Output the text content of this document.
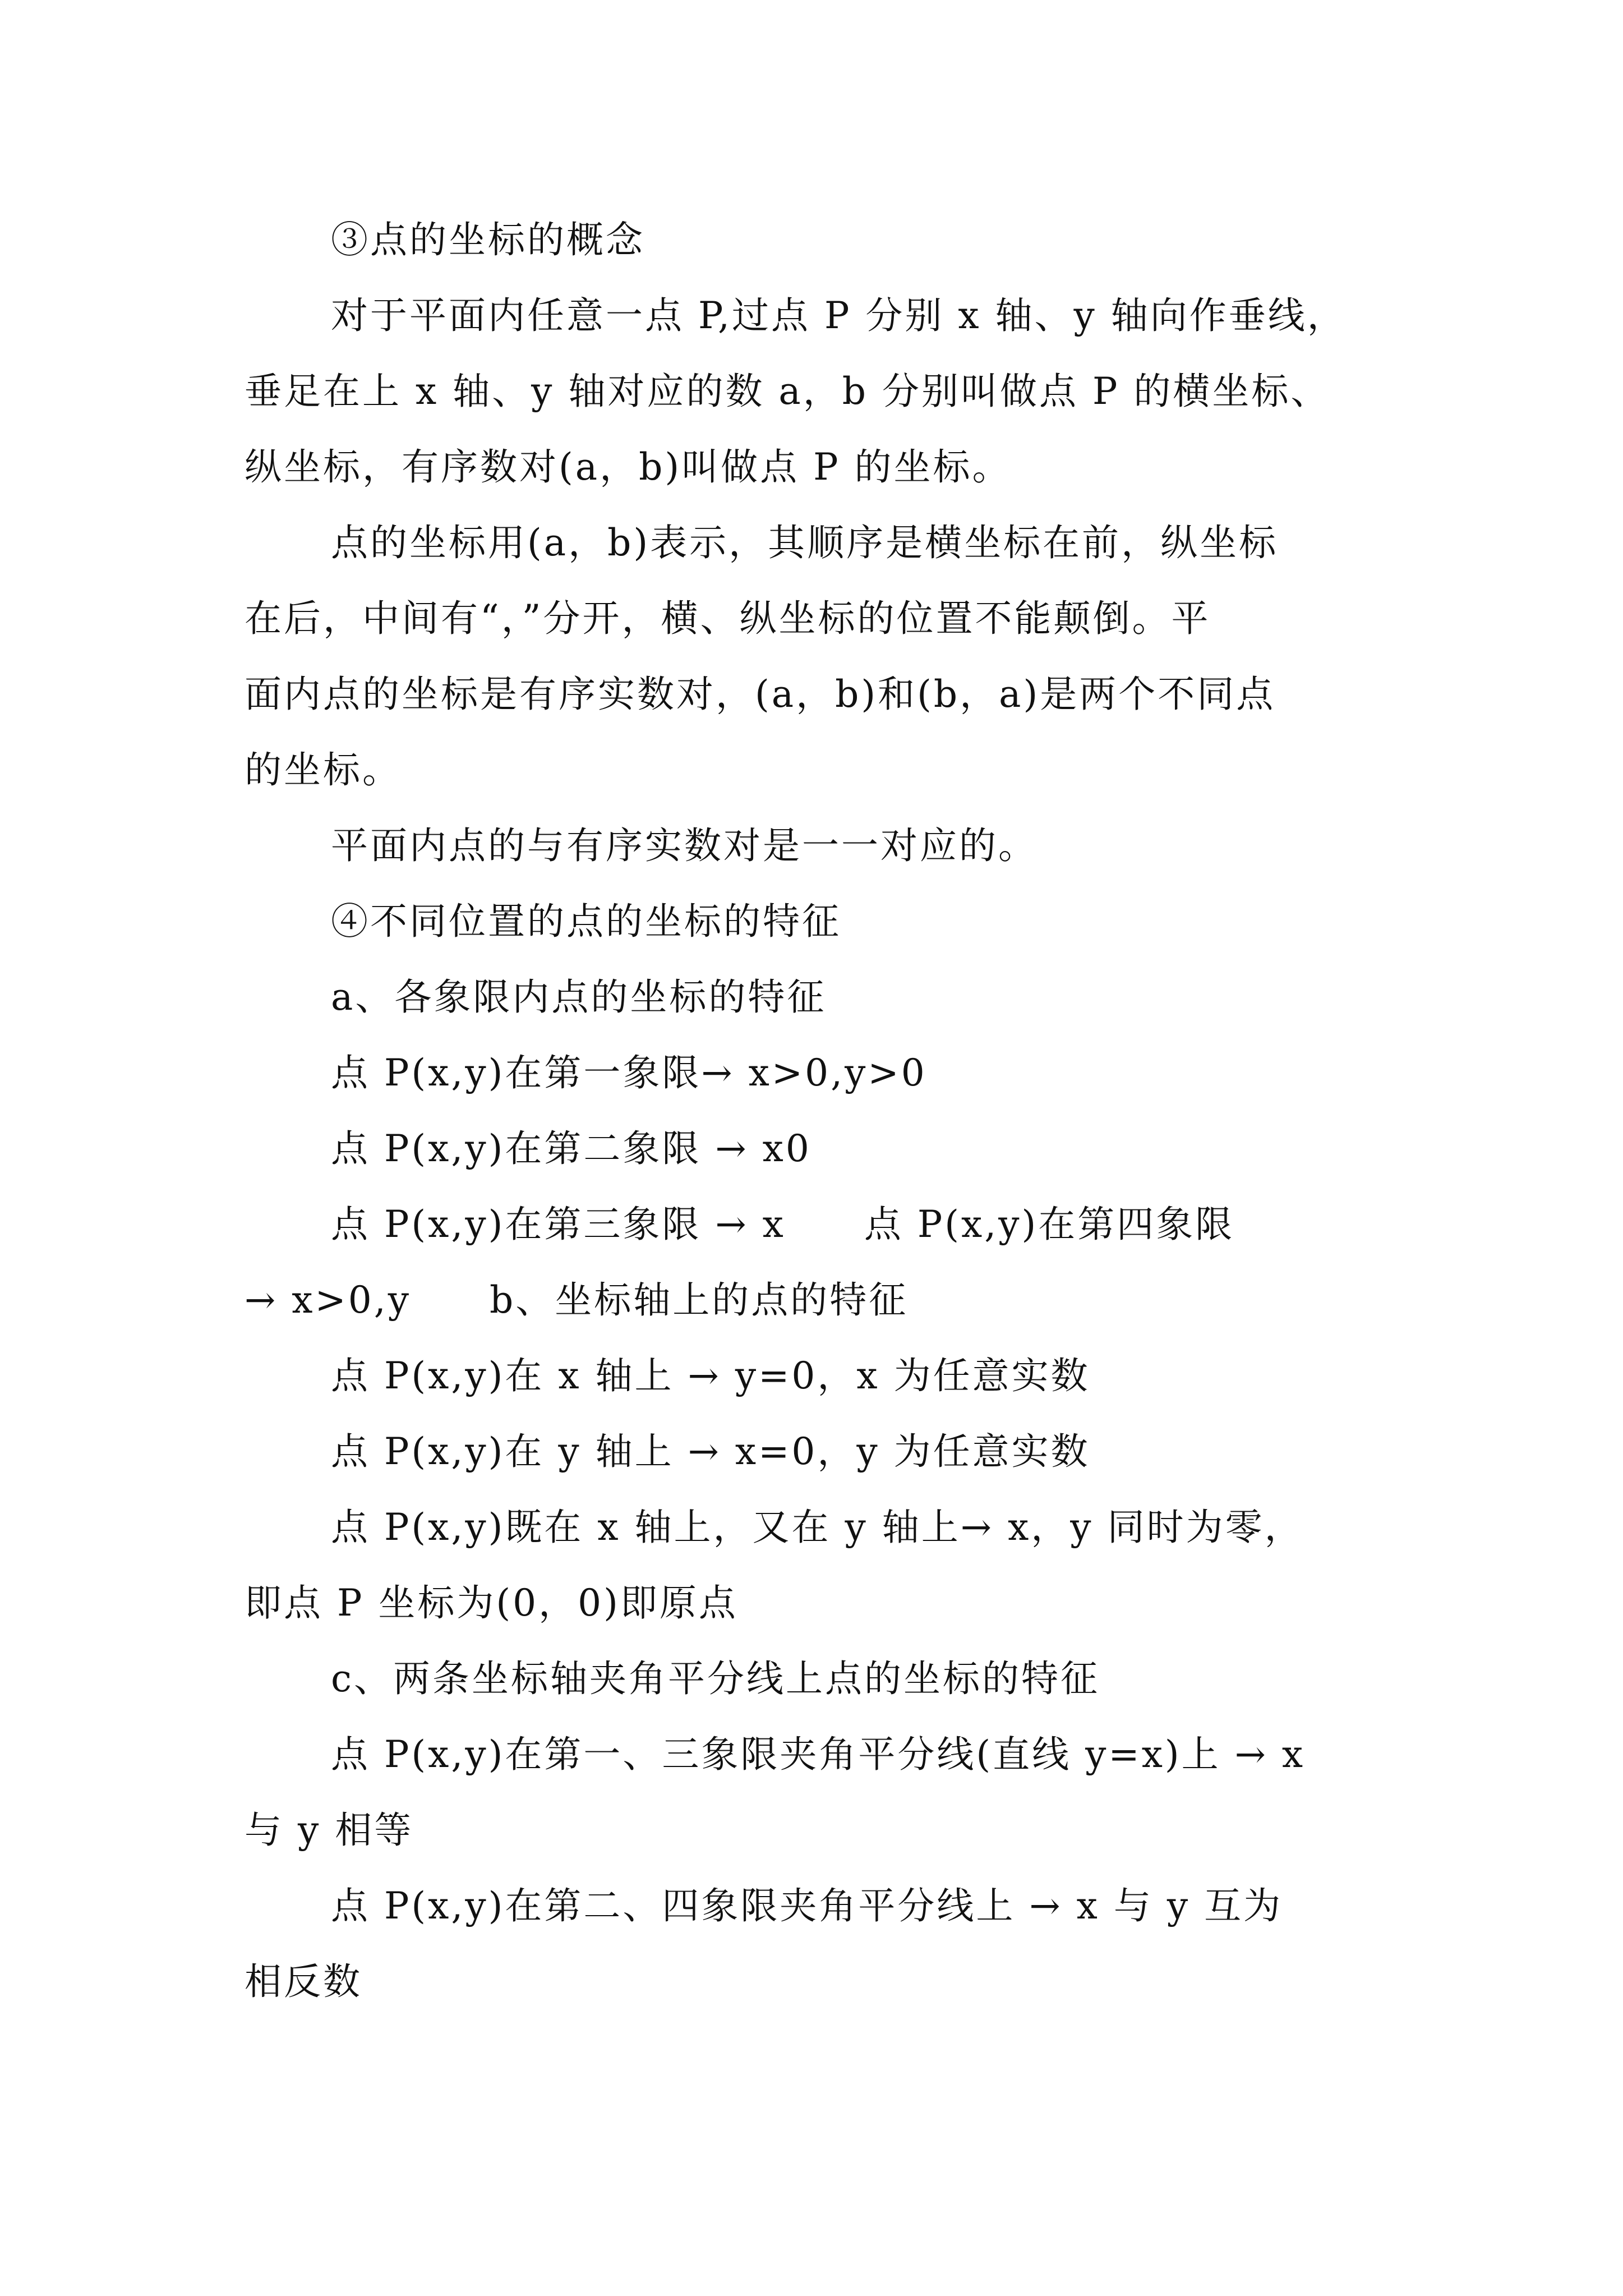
③点的坐标的概念
对于平面内任意一点 P,过点 P 分别 x 轴、y 轴向作垂线，
垂足在上 x 轴、y 轴对应的数 a，b 分别叫做点 P 的横坐标、
纵坐标，有序数对(a，b)叫做点 P 的坐标。
点的坐标用(a，b)表示，其顺序是横坐标在前，纵坐标
在后，中间有“，”分开，横、纵坐标的位置不能颠倒。平
面内点的坐标是有序实数对，(a，b)和(b，a)是两个不同点
的坐标。
平面内点的与有序实数对是一一对应的。
④不同位置的点的坐标的特征
a、各象限内点的坐标的特征
点 P(x,y)在第一象限→ x>0,y>0
点 P(x,y)在第二象限 → x0
点 P(x,y)在第三象限 → x　　点 P(x,y)在第四象限
→ x>0,y　　b、坐标轴上的点的特征
点 P(x,y)在 x 轴上 → y=0，x 为任意实数
点 P(x,y)在 y 轴上 → x=0，y 为任意实数
点 P(x,y)既在 x 轴上，又在 y 轴上→ x，y 同时为零，
即点 P 坐标为(0，0)即原点
c、两条坐标轴夹角平分线上点的坐标的特征
点 P(x,y)在第一、三象限夹角平分线(直线 y=x)上 → x
与 y 相等
点 P(x,y)在第二、四象限夹角平分线上 → x 与 y 互为
相反数
